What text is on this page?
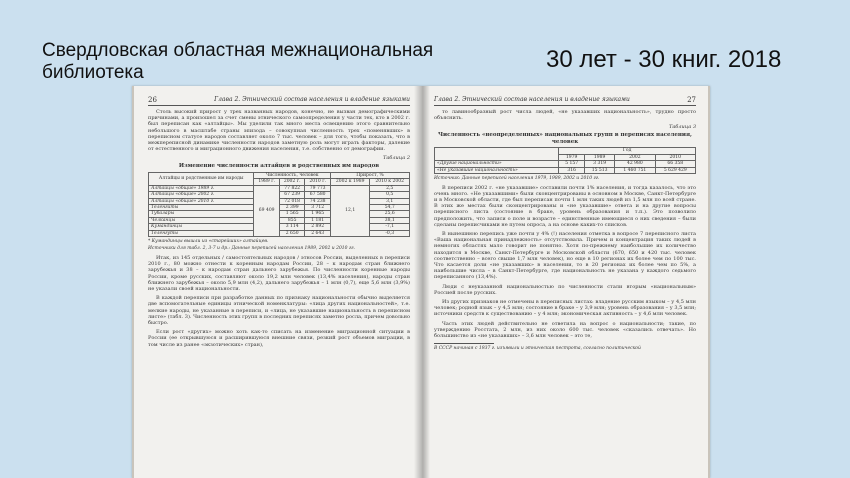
Свердловская областная межнациональная
библиотека	30 лет - 30 книг. 2018
26	Глава 2. Этнический состав населения и владение языками

Столь высокий прирост у трех названных народов, конечно, не вызван демографическими причинами, а произошел за счет смены этнического самоопределения у части тех, кто в 2002 г. был переписан как «алтайцы». Мы уделили так много места освещению этого сравнительно небольшого в масштабе страны эпизода – совокупная численность трех «поменявших» в переписном статусе народов составляет около 7 тыс. человек – для того, чтобы показать, что в межпереписной динамике численности народов заметную роль могут играть факторы, далекие от естественного и миграционного движения населения, т.е. собственно от демографии.

Таблица 2
Изменение численности алтайцев и родственных им народов
Алтайцы и родственные им народы	Численность, человек			Прирост, %	
	1989 г.	2002 г.	2010 г.	2002 к 1989	2010 к 2002
Алтайцы «общие» 1989 г.	69 409	77 822	79 773	12,1	2,5
Алтайцы «общие» 2002 г.		67 239	67 580		0,5
Алтайцы «общие» 2010 г.		72 018	74 238		3,1
Теленгиты		2 399	3 712		54,7
Тубалары		1 565	1 965		25,6
Челканцы		855	1 181		38,1
Кумандинцы		3 114	2 892		-7,1
Теленгуты		2 650	2 643		-0,3
* Кумандинцы вышли из «старейших» алтайцев.
Источники для табл. 2, 3-7 и др.: Данные переписей населения 1989, 2002 и 2010 гг.

Итак, из 145 отдельных / самостоятельных народов / этносов России, выделенных в переписи 2010 г., 80 можно отнести к коренным народам России, 28 – к народам стран ближнего зарубежья и 38 – к народам стран дальнего зарубежья. По численности коренные народы России, кроме русских, составляют около 19,2 млн человек (13,4% населения), народы стран ближнего зарубежья – около 5,9 млн (4,2), дальнего зарубежья – 1 млн (0,7), еще 5,6 млн (3,9%) не указали своей национальности.

В каждой переписи при разработке данных по признаку национальности обычно выделяется две вспомогательные единицы этнической номенклатуры: «лица других национальностей», т.е. мелкие народы, не указанные в переписи, и «лица, не указавшие национальность в переписном листе» (табл. 3). Численность этих групп в последних переписях заметно росла, причем довольно быстро.

Если рост «других» можно хоть как-то списать на изменение миграционной ситуации в России (ее открывшуюся и расширившуюся внешние связи, резкий рост объемов миграции, в том числе из ранее «экзотических» стран),

Глава 2. Этнический состав населения и владение языками	27

то лавинообразный рост числа людей, «не указавших национальность», трудно просто объяснить.

Таблица 3
Численность «неопределенных» национальных групп в переписях населения, человек
	Год			
	1979	1989	2002	2010
«Другие национальности»	5 157	3 319	42 980	66 358
«Не указавшие национальность»	316	15 513	1 460 751	5 629 429
Источник: Данные переписей населения 1979, 1989, 2002 и 2010 гг.

В переписи 2002 г. «не указавшие» составили почти 1% населения, и тогда казалось, что это очень много. «Не указавшими» были сконцентрированы в основном в Москве, Санкт-Петербурге и в Московской области, где был переписан почти 1 млн таких людей из 1,5 млн по всей стране. В этих же местах были сконцентрированы и «не указавшие» ответа и на другие вопросы переписного листа (состояние в браке, уровень образования и т.п.). Это позволило предположить, что записи о поле и возрасте – единственные имеющиеся о них сведения – были сделаны переписчиками не путем опроса, а на основе каких-то списков.

В нынешнюю перепись уже почти у 4% (!) населения отметка в вопросе 7 переписного листа «Ваша национальная принадлежность» отсутствовала. Причем и концентрация таких людей в немногих областях мало говорит не понятно. Хотя по-прежнему наибольшие их количество находится в Москве, Санкт-Петербурге и Московской области (670, 650 и 420 тыс. человек соответственно – всего свыше 1,7 млн человек), но еще в 10 регионах их более чем по 100 тыс. Что касается доли «не указавших» в населении, то в 20 регионах их более чем по 5%, а наибольшие числа – в Санкт-Петербурге, где национальность не указана у каждого седьмого переписанного (13,4%).

Люди с неуказанной национальностью по численности стали вторым «национальным» Россией после русских.

Из других признаков не отмечены в переписных листах: владение русским языком – у 4,5 млн человек; родной язык – у 4,5 млн; состояние в браке – у 3,9 млн; уровень образования – у 3,5 млн; источники средств к существованию – у 4 млн; экономическая активность – у 4,6 млн человек.

Часть этих людей действительно не ответила на вопрос о национальности; такие, по утверждению Росстата, 2 млн, из них около 600 тыс. человек «сказались отвечать». Но большинство из «не указавших» – 3,6 млн человек – это те,

В СССР начиная с 1937 г. изъявили и этническая пестрота, согласно политической
